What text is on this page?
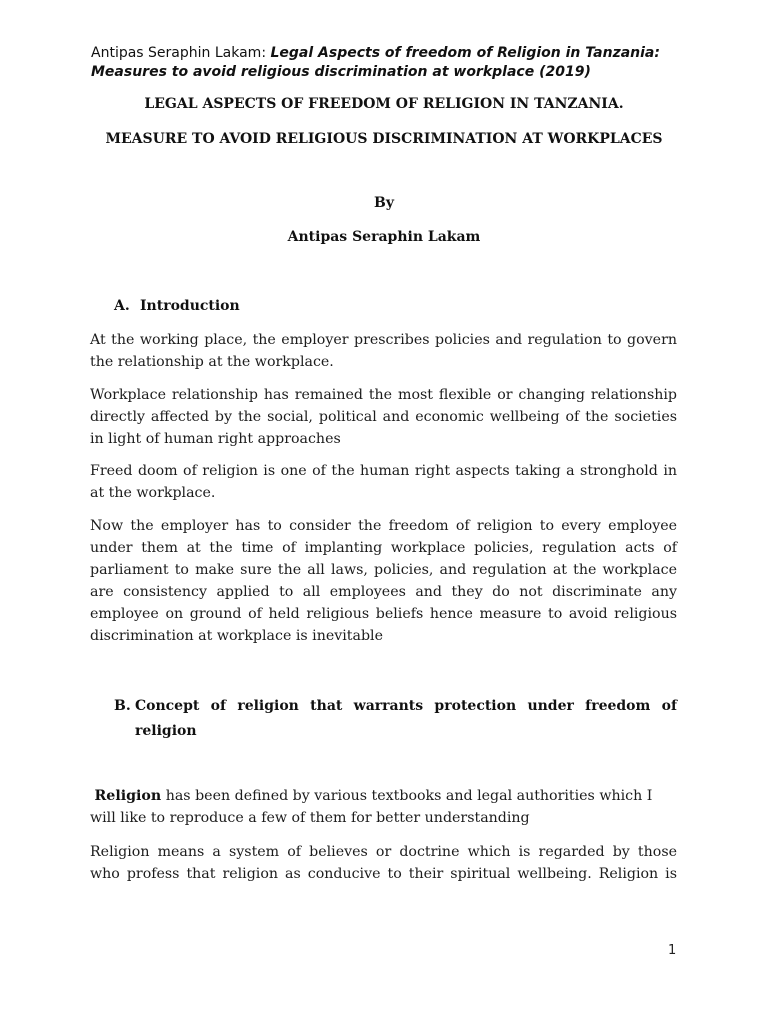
Antipas Seraphin Lakam: Legal Aspects of freedom of Religion in Tanzania:
Measures to avoid religious discrimination at workplace (2019)
LEGAL ASPECTS OF FREEDOM OF RELIGION IN TANZANIA.
MEASURE TO AVOID RELIGIOUS DISCRIMINATION AT WORKPLACES
By
Antipas Seraphin Lakam
A. Introduction
At the working place, the employer prescribes policies and regulation to govern
the relationship at the workplace.
Workplace relationship has remained the most flexible or changing relationship
directly affected by the social, political and economic wellbeing of the societies
in light of human right approaches
Freed doom of religion is one of the human right aspects taking a stronghold in
at the workplace.
Now the employer has to consider the freedom of religion to every employee
under them at the time of implanting workplace policies, regulation acts of
parliament to make sure the all laws, policies, and regulation at the workplace
are consistency applied to all employees and they do not discriminate any
employee on ground of held religious beliefs hence measure to avoid religious
discrimination at workplace is inevitable
B. Concept of religion that warrants protection under freedom of
religion
Religion has been defined by various textbooks and legal authorities which I
will like to reproduce a few of them for better understanding
Religion means a system of believes or doctrine which is regarded by those
who profess that religion as conducive to their spiritual wellbeing. Religion is
1
